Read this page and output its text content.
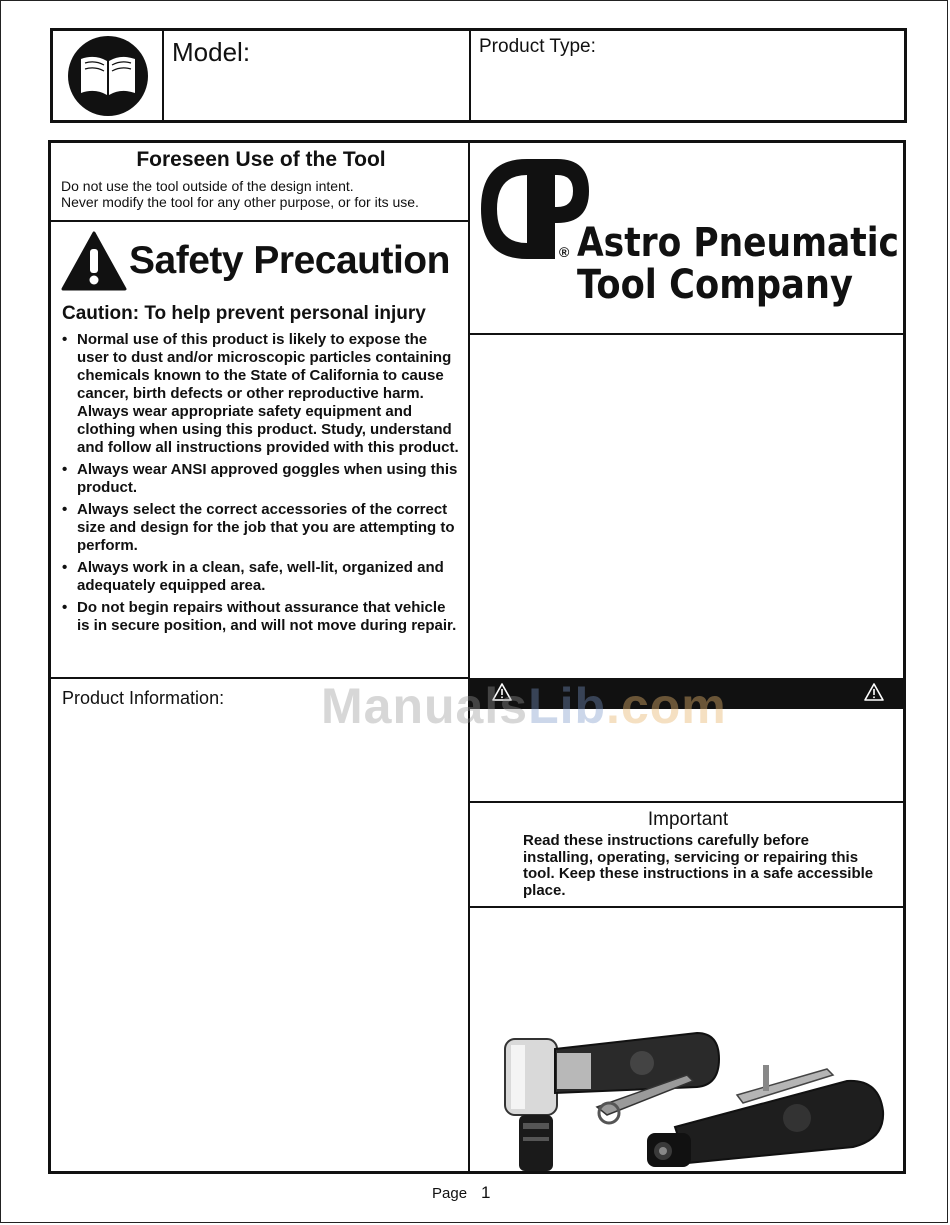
Model:	Product Type:
Foreseen Use of the Tool

Do not use the tool outside of the design intent.

Never modify the tool for any other purpose, or for its use.

Safety Precaution
Caution: To help prevent personal injury
• Normal use of this product is likely to expose the user to dust and/or microscopic particles containing chemicals known to the State of California to cause cancer, birth defects or other reproductive harm. Always wear appropriate safety equipment and clothing when using this product. Study, understand and follow all instructions provided with this product.
• Always wear ANSI approved goggles when using this product.
• Always select the correct accessories of the correct size and design for the job that you are attempting to perform.
• Always work in a clean, safe, well-lit, organized and adequately equipped area.
• Do not begin repairs without assurance that vehicle is in secure position, and will not move during repair.
Product Information:
® Astro Pneumatic
Tool Company
Important

Read these instructions carefully before installing, operating, servicing or repairing this tool. Keep these instructions in a safe accessible place.

ManualsLib.com
Page 1
